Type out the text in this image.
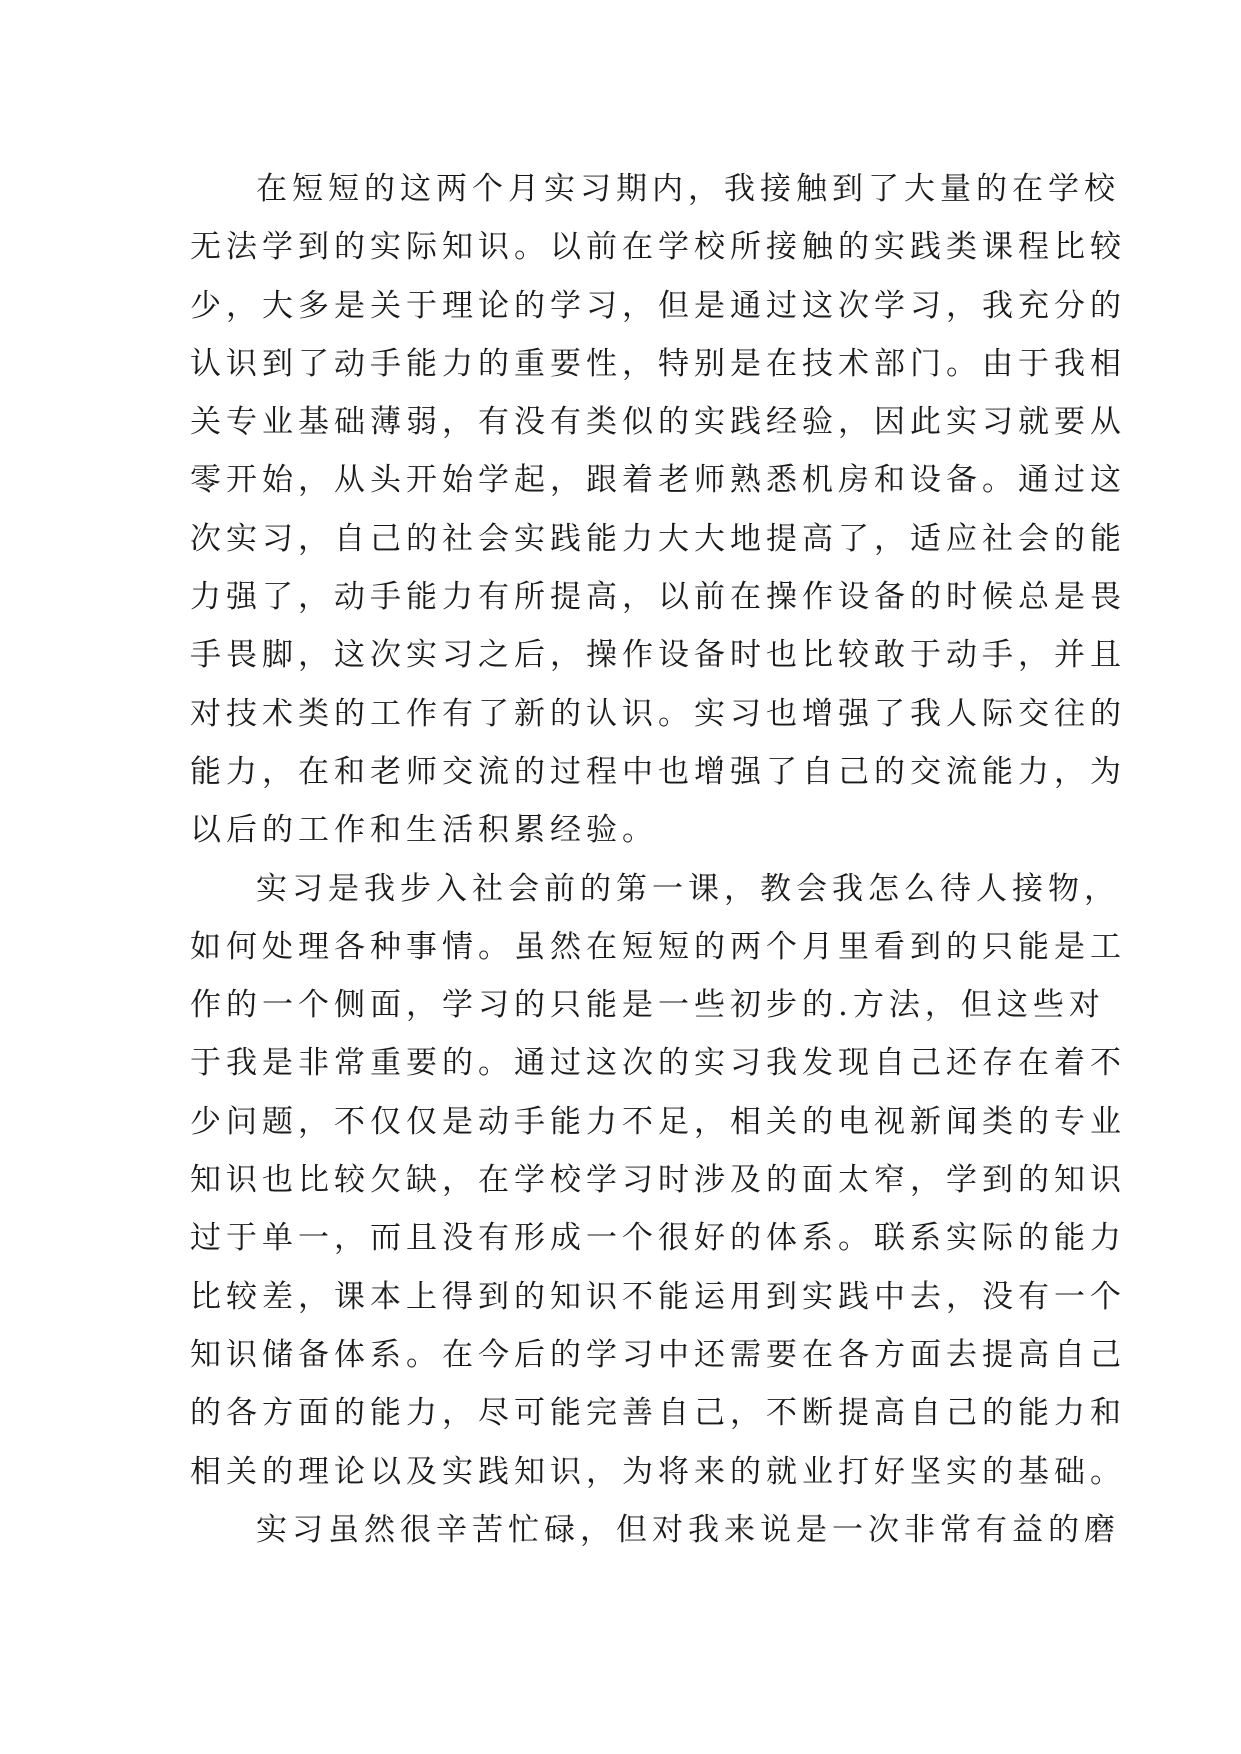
在短短的这两个月实习期内，我接触到了大量的在学校
无法学到的实际知识。以前在学校所接触的实践类课程比较
少，大多是关于理论的学习，但是通过这次学习，我充分的
认识到了动手能力的重要性，特别是在技术部门。由于我相
关专业基础薄弱，有没有类似的实践经验，因此实习就要从
零开始，从头开始学起，跟着老师熟悉机房和设备。通过这
次实习，自己的社会实践能力大大地提高了，适应社会的能
力强了，动手能力有所提高，以前在操作设备的时候总是畏
手畏脚，这次实习之后，操作设备时也比较敢于动手，并且
对技术类的工作有了新的认识。实习也增强了我人际交往的
能力，在和老师交流的过程中也增强了自己的交流能力，为
以后的工作和生活积累经验。
实习是我步入社会前的第一课，教会我怎么待人接物，
如何处理各种事情。虽然在短短的两个月里看到的只能是工
作的一个侧面，学习的只能是一些初步的.方法，但这些对
于我是非常重要的。通过这次的实习我发现自己还存在着不
少问题，不仅仅是动手能力不足，相关的电视新闻类的专业
知识也比较欠缺，在学校学习时涉及的面太窄，学到的知识
过于单一，而且没有形成一个很好的体系。联系实际的能力
比较差，课本上得到的知识不能运用到实践中去，没有一个
知识储备体系。在今后的学习中还需要在各方面去提高自己
的各方面的能力，尽可能完善自己，不断提高自己的能力和
相关的理论以及实践知识，为将来的就业打好坚实的基础。
实习虽然很辛苦忙碌，但对我来说是一次非常有益的磨
